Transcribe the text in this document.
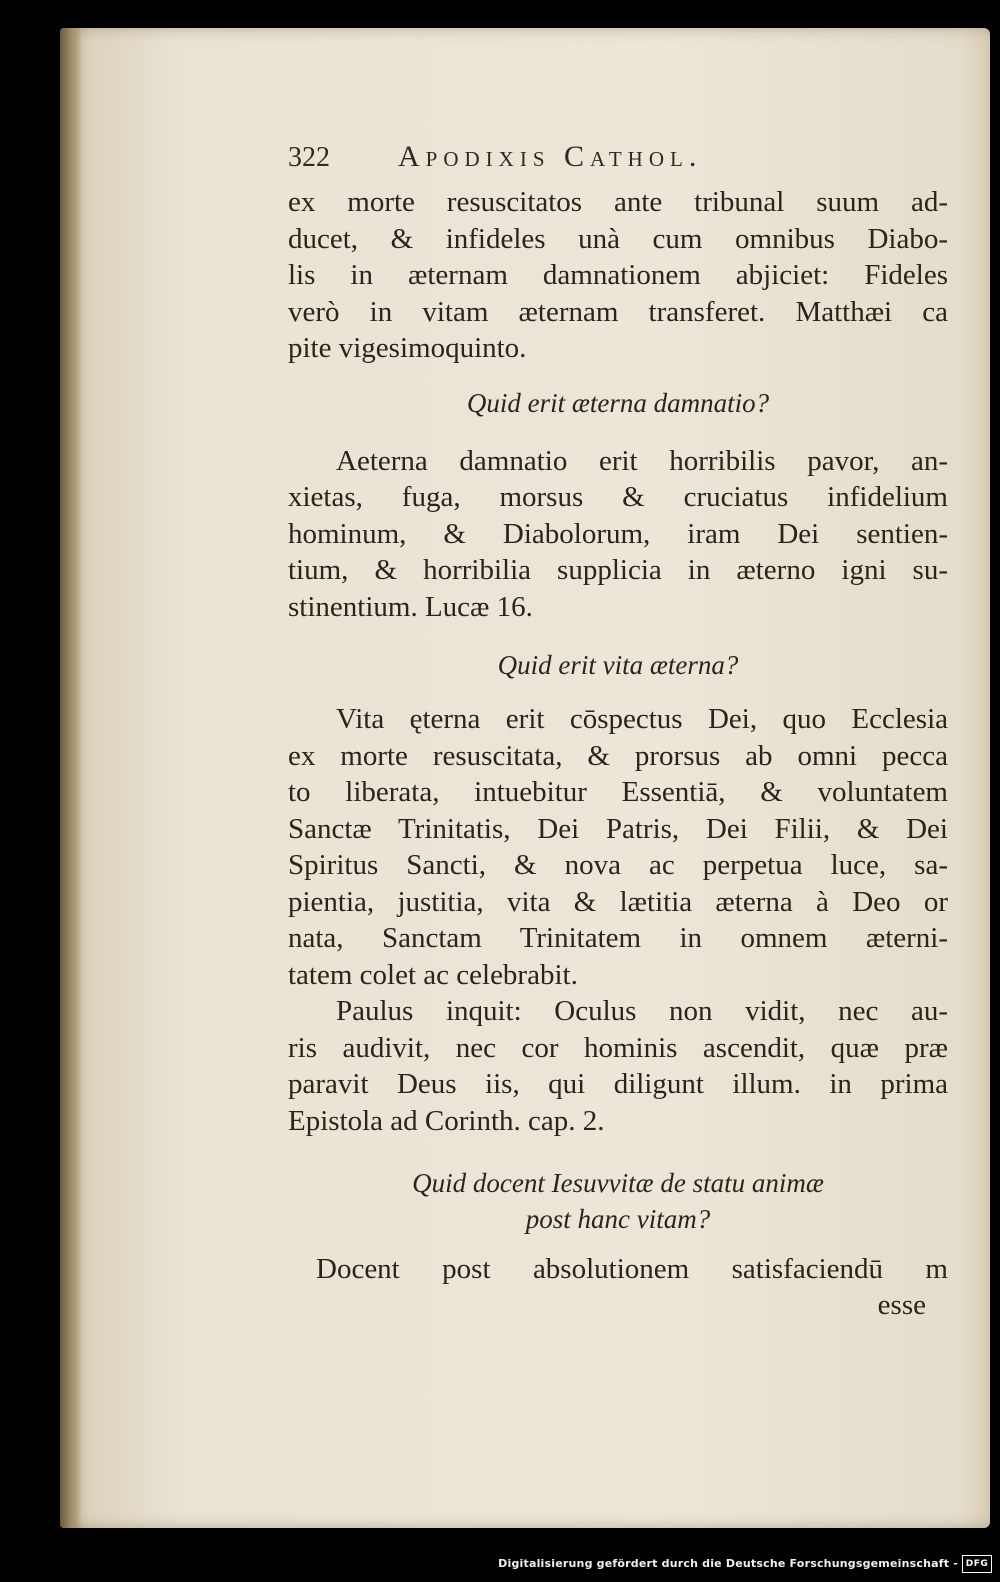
322	Apodixis Cathol.
ex morte resuscitatos ante tribunal suum ad-
ducet, & infideles unà cum omnibus Diabo-
lis in æternam damnationem abjiciet: Fideles
verò in vitam æternam transferet. Matthæi ca
pite vigesimoquinto.
Quid erit æterna damnatio?
Aeterna damnatio erit horribilis pavor, an-
xietas, fuga, morsus & cruciatus infidelium
hominum, & Diabolorum, iram Dei sentien-
tium, & horribilia supplicia in æterno igni su-
stinentium. Lucæ 16.
Quid erit vita æterna?
Vita ęterna erit cōspectus Dei, quo Ecclesia
ex morte resuscitata, & prorsus ab omni pecca
to liberata, intuebitur Essentiā, & voluntatem
Sanctæ Trinitatis, Dei Patris, Dei Filii, & Dei
Spiritus Sancti, & nova ac perpetua luce, sa-
pientia, justitia, vita & lætitia æterna à Deo or
nata, Sanctam Trinitatem in omnem æterni-
tatem colet ac celebrabit.
Paulus inquit: Oculus non vidit, nec au-
ris audivit, nec cor hominis ascendit, quæ præ
paravit Deus iis, qui diligunt illum. in prima
Epistola ad Corinth. cap. 2.
Quid docent Iesuvvitæ de statu animæ
post hanc vitam?
Docent post absolutionem satisfaciendū m
esse
Digitalisierung gefördert durch die Deutsche Forschungsgemeinschaft - DFG
